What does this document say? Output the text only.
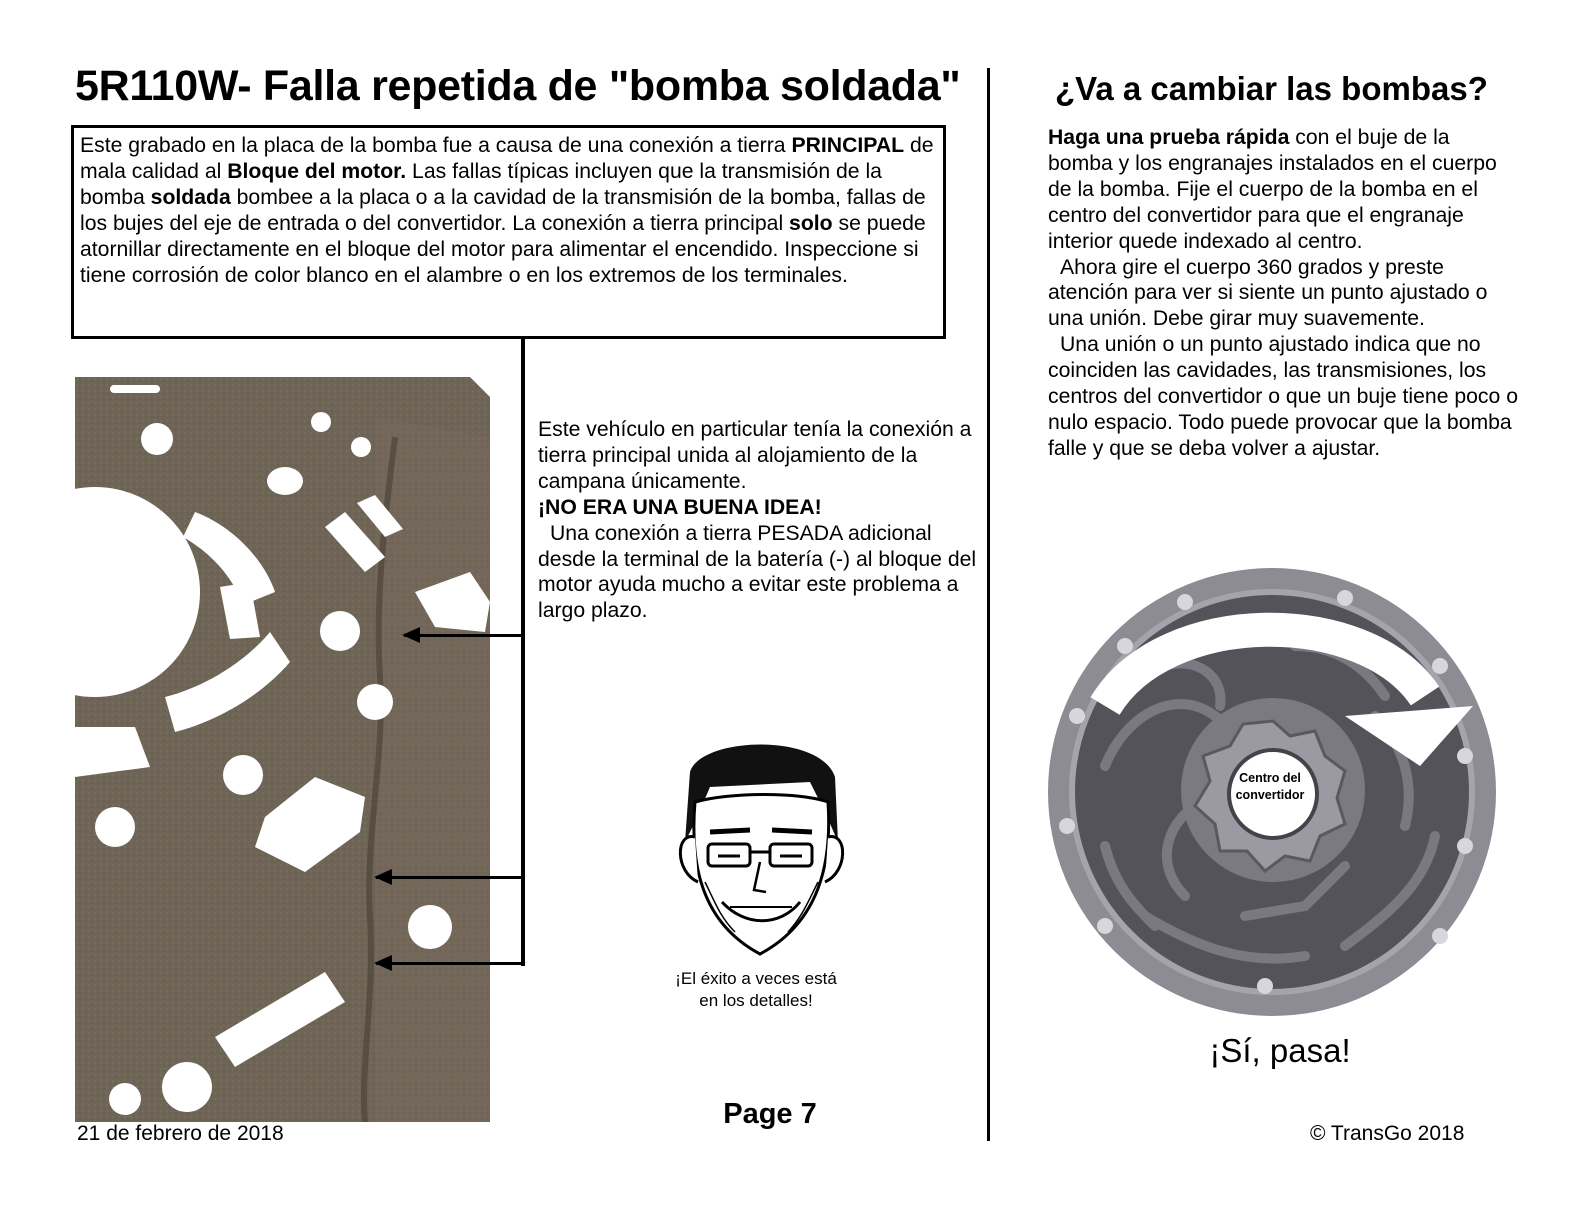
5R110W- Falla repetida de "bomba soldada"
Este grabado en la placa de la bomba fue a causa de una conexión a tierra PRINCIPAL de mala calidad al Bloque del motor. Las fallas típicas incluyen que la transmisión de la bomba soldada bombee a la placa o a la cavidad de la transmisión de la bomba, fallas de los bujes del eje de entrada o del convertidor. La conexión a tierra principal solo se puede atornillar directamente en el bloque del motor para alimentar el encendido. Inspeccione si tiene corrosión de color blanco en el alambre o en los extremos de los terminales.
Este vehículo en particular tenía la conexión a tierra principal unida al alojamiento de la campana únicamente.
¡NO ERA UNA BUENA IDEA!
Una conexión a tierra PESADA adicional desde la terminal de la batería (-) al bloque del motor ayuda mucho a evitar este problema a largo plazo.
¡El éxito a veces está
en los detalles!
Page 7
21 de febrero de 2018
¿Va a cambiar las bombas?
Haga una prueba rápida con el buje de la bomba y los engranajes instalados en el cuerpo de la bomba. Fije el cuerpo de la bomba en el centro del convertidor para que el engranaje interior quede indexado al centro.
Ahora gire el cuerpo 360 grados y preste atención para ver si siente un punto ajustado o una unión. Debe girar muy suavemente.
Una unión o un punto ajustado indica que no coinciden las cavidades, las transmisiones, los centros del convertidor o que un buje tiene poco o nulo espacio. Todo puede provocar que la bomba falle y que se deba volver a ajustar.
Centro del
convertidor
¡Sí, pasa!
© TransGo 2018
